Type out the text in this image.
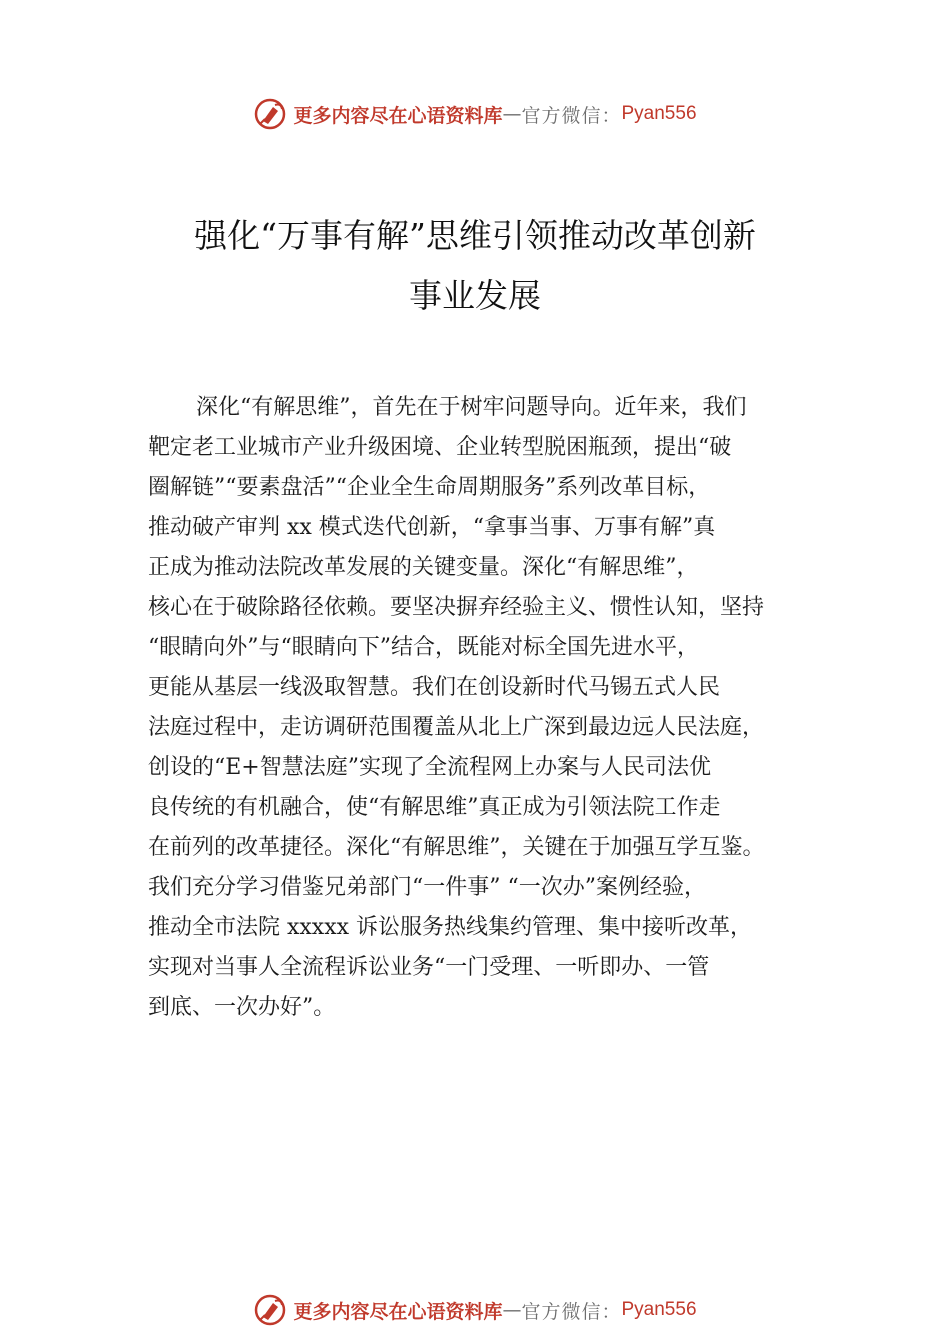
更多内容尽在心语资料库 — 官方微信： Pyan556
强化“万事有解”思维引领推动改革创新
事业发展
深化“有解思维”，首先在于树牢问题导向。近年来，我们
靶定老工业城市产业升级困境、企业转型脱困瓶颈，提出“破
圈解链”“要素盘活”“企业全生命周期服务”系列改革目标，
推动破产审判 xx 模式迭代创新，“拿事当事、万事有解”真
正成为推动法院改革发展的关键变量。深化“有解思维”，
核心在于破除路径依赖。要坚决摒弃经验主义、惯性认知，坚持
“眼睛向外”与“眼睛向下”结合，既能对标全国先进水平，
更能从基层一线汲取智慧。我们在创设新时代马锡五式人民
法庭过程中，走访调研范围覆盖从北上广深到最边远人民法庭，
创设的“E+智慧法庭”实现了全流程网上办案与人民司法优
良传统的有机融合，使“有解思维”真正成为引领法院工作走
在前列的改革捷径。深化“有解思维”，关键在于加强互学互鉴。
我们充分学习借鉴兄弟部门“一件事” “一次办”案例经验，
推动全市法院 xxxxx 诉讼服务热线集约管理、集中接听改革，
实现对当事人全流程诉讼业务“一门受理、一听即办、一管
到底、一次办好”。
更多内容尽在心语资料库 — 官方微信： Pyan556
